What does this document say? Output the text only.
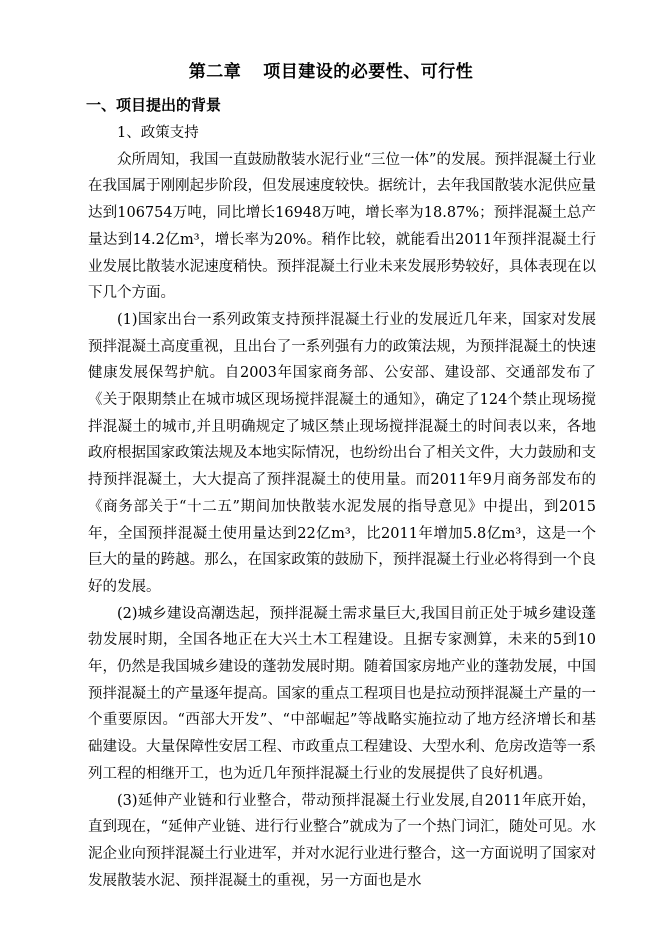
第二章 项目建设的必要性、可行性
一、项目提出的背景

1、政策支持

众所周知，我国一直鼓励散装水泥行业“三位一体”的发展。预拌混凝土行业在我国属于刚刚起步阶段，但发展速度较快。据统计，去年我国散装水泥供应量达到106754万吨，同比增长16948万吨，增长率为18.87%；预拌混凝土总产量达到14.2亿m³，增长率为20%。稍作比较，就能看出2011年预拌混凝土行业发展比散装水泥速度稍快。预拌混凝土行业未来发展形势较好，具体表现在以下几个方面。

(1)国家出台一系列政策支持预拌混凝土行业的发展近几年来，国家对发展预拌混凝土高度重视，且出台了一系列强有力的政策法规，为预拌混凝土的快速健康发展保驾护航。自2003年国家商务部、公安部、建设部、交通部发布了《关于限期禁止在城市城区现场搅拌混凝土的通知》，确定了124个禁止现场搅拌混凝土的城市,并且明确规定了城区禁止现场搅拌混凝土的时间表以来，各地政府根据国家政策法规及本地实际情况，也纷纷出台了相关文件，大力鼓励和支持预拌混凝土，大大提高了预拌混凝土的使用量。而2011年9月商务部发布的《商务部关于“十二五”期间加快散装水泥发展的指导意见》中提出，到2015年，全国预拌混凝土使用量达到22亿m³，比2011年增加5.8亿m³，这是一个巨大的量的跨越。那么，在国家政策的鼓励下，预拌混凝土行业必将得到一个良好的发展。

(2)城乡建设高潮迭起，预拌混凝土需求量巨大,我国目前正处于城乡建设蓬勃发展时期，全国各地正在大兴土木工程建设。且据专家测算，未来的5到10年，仍然是我国城乡建设的蓬勃发展时期。随着国家房地产业的蓬勃发展，中国预拌混凝土的产量逐年提高。国家的重点工程项目也是拉动预拌混凝土产量的一个重要原因。“西部大开发”、“中部崛起”等战略实施拉动了地方经济增长和基础建设。大量保障性安居工程、市政重点工程建设、大型水利、危房改造等一系列工程的相继开工，也为近几年预拌混凝土行业的发展提供了良好机遇。

(3)延伸产业链和行业整合，带动预拌混凝土行业发展,自2011年底开始，直到现在，“延伸产业链、进行行业整合”就成为了一个热门词汇，随处可见。水泥企业向预拌混凝土行业进军，并对水泥行业进行整合，这一方面说明了国家对发展散装水泥、预拌混凝土的重视，另一方面也是水
